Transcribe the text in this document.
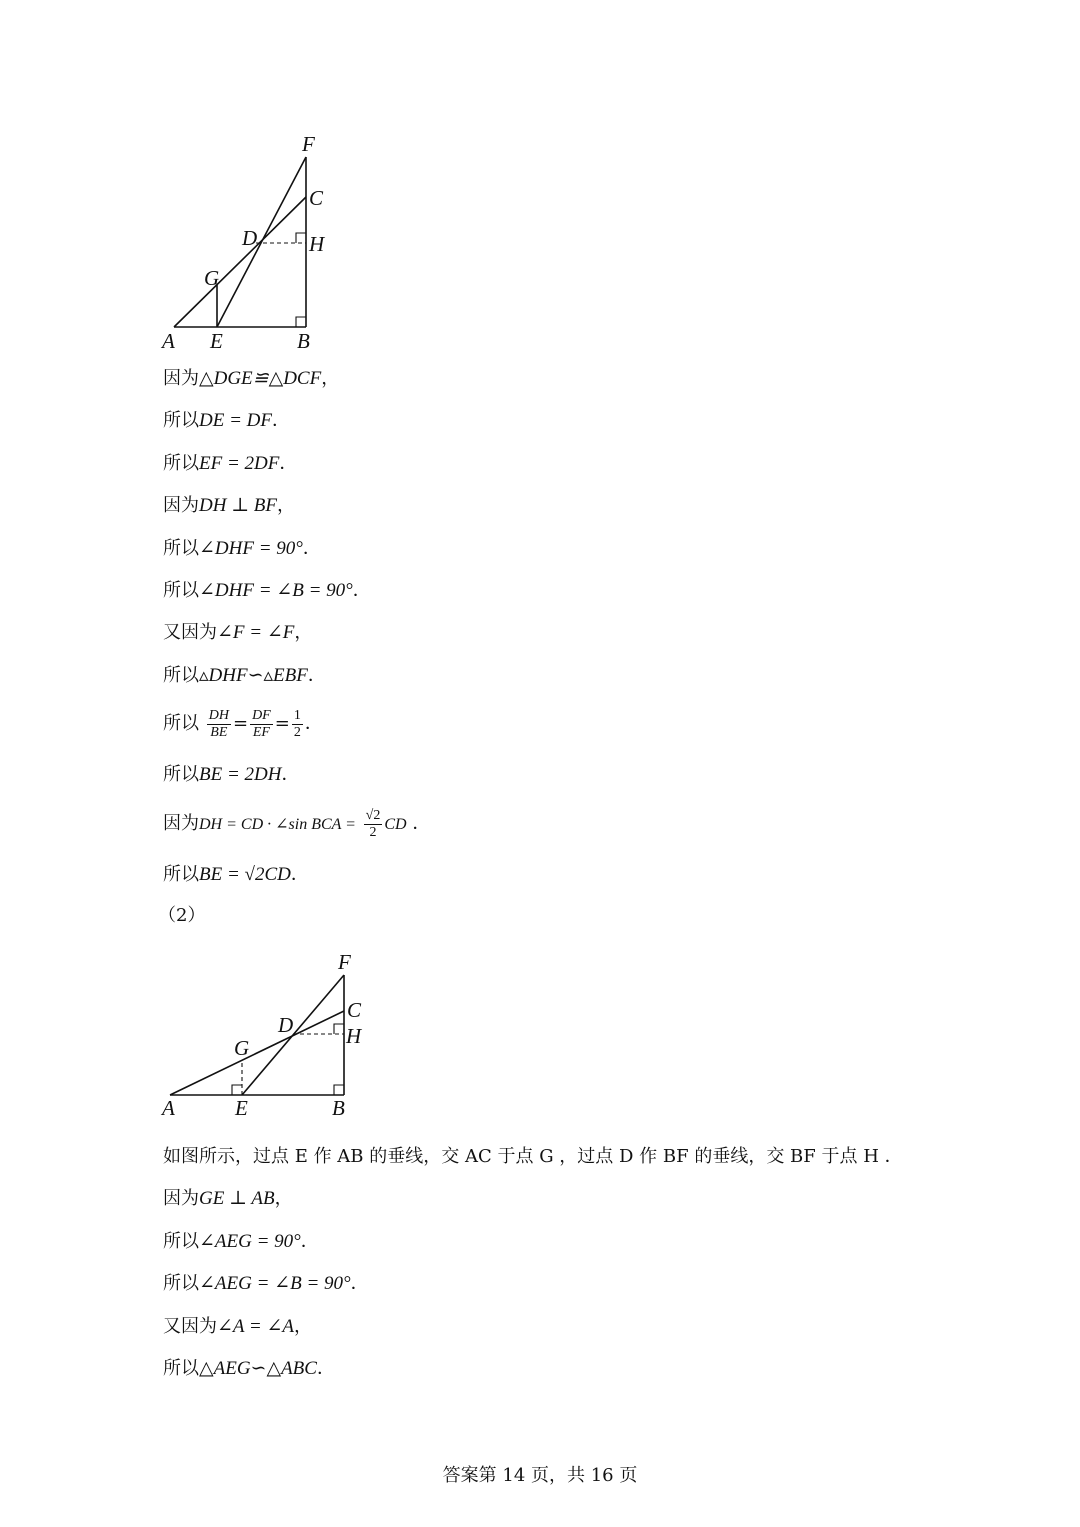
A E	B
C
D
F
G
H
因为△DGE≌△DCF，
所以DE = DF．
所以EF = 2DF．
因为DH ⊥ BF，
所以∠DHF = 90°．
所以∠DHF = ∠B = 90°．
又因为∠F = ∠F，
所以▵DHF∽▵EBF．
所以 $\frac{DH}{BE} = \frac{DF}{EF} = \frac{1}{2}$ ．
所以BE = 2DH．
因为DH = CD · ∠sin BCA = $\frac{√2}{2}$ CD ．
所以BE = √2CD．
（2）
A	E	B
C
D
F
G	H
如图所示，过点 E 作 AB 的垂线，交 AC 于点 G ，过点 D 作 BF 的垂线，交 BF 于点 H ．
因为GE ⊥ AB，
所以∠AEG = 90°．
所以∠AEG = ∠B = 90°．
又因为∠A = ∠A，
所以△AEG∽△ABC．
答案第 14 页，共 16 页
